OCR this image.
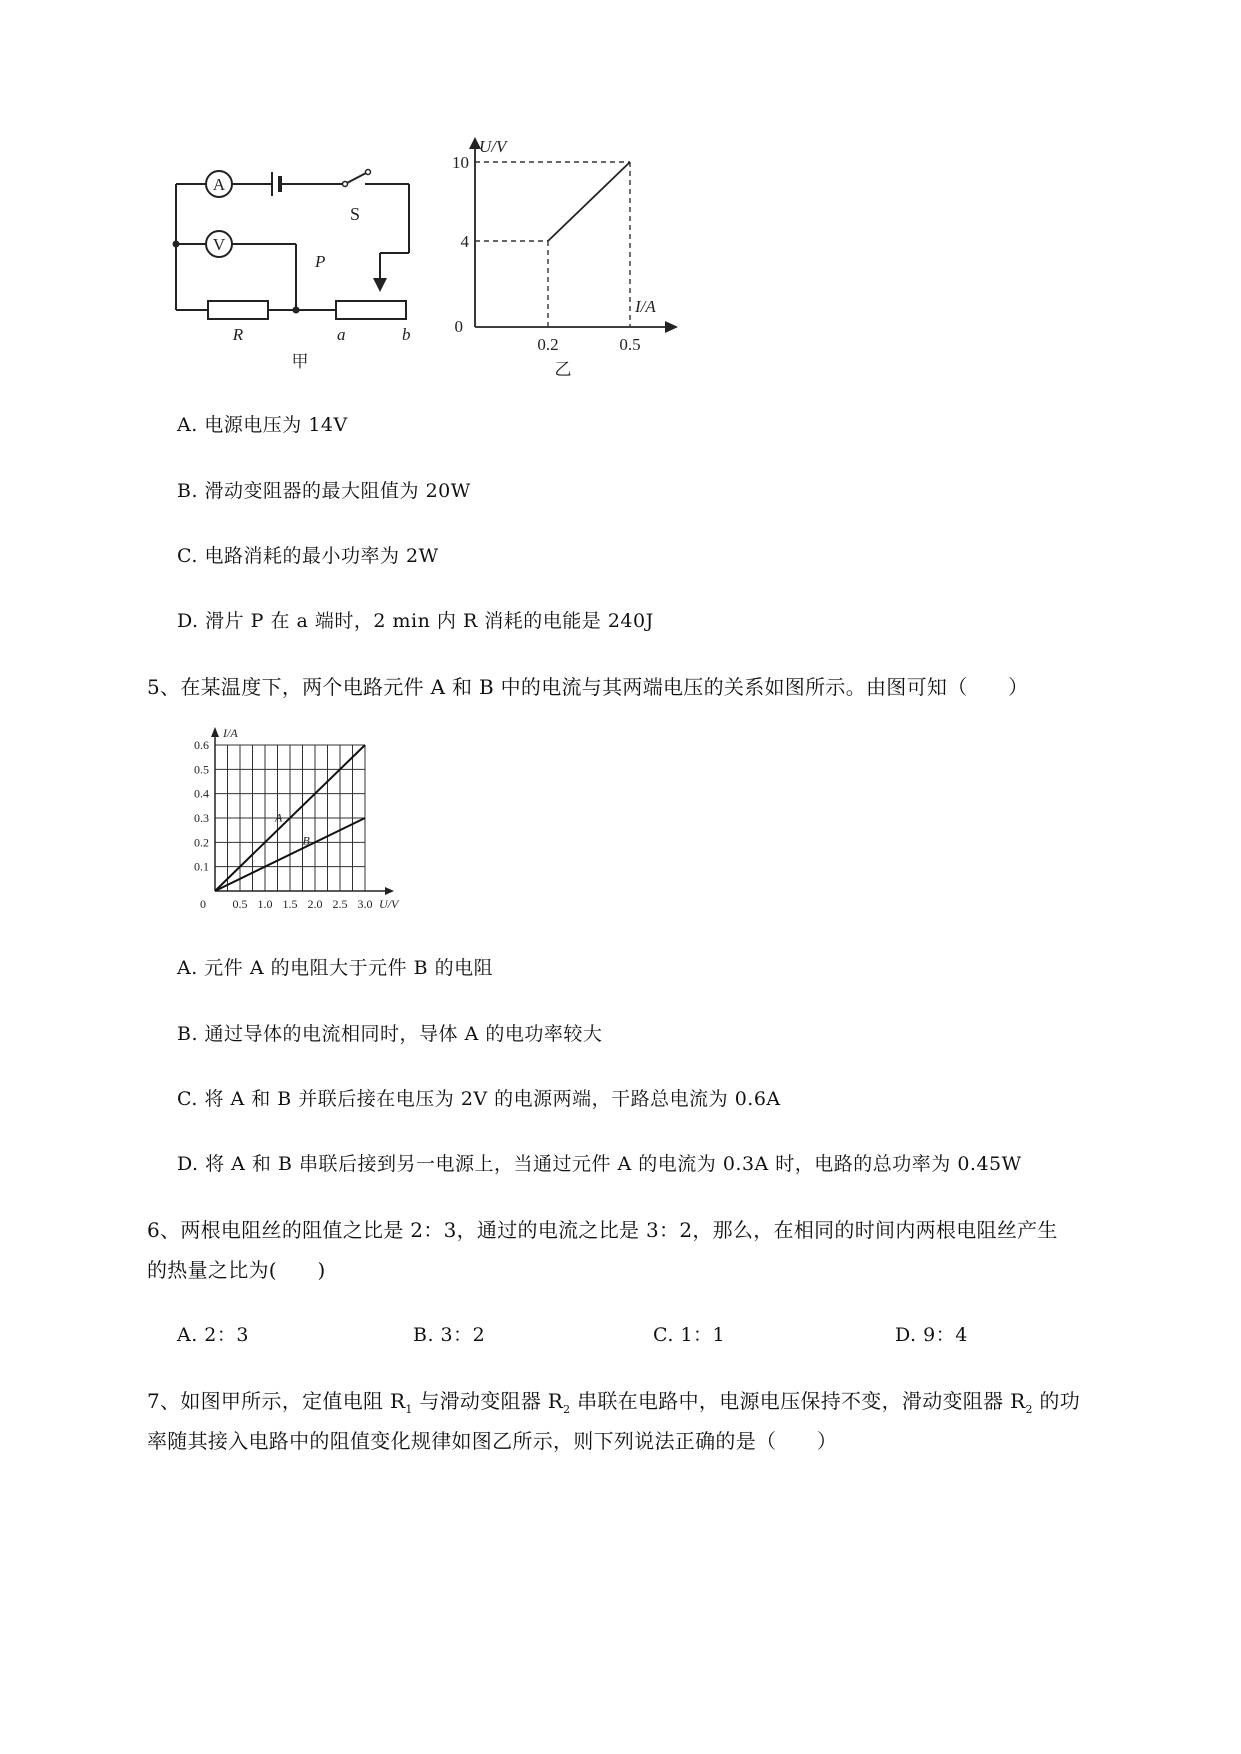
A
V
S
P
R	a	b
甲
U/V
I/A
10
4
0
0.2	0.5
乙
A. 电源电压为 14V
B. 滑动变阻器的最大阻值为 20W
C. 电路消耗的最小功率为 2W
D. 滑片 P 在 a 端时，2 min 内 R 消耗的电能是 240J
5、在某温度下，两个电路元件 A 和 B 中的电流与其两端电压的关系如图所示。由图可知（　　）
A
B
0.1
0.2
0.3
0.4
0.5
0.6
0.5 1.0 1.5 2.0 2.5 3.0
0
I/A
U/V
A. 元件 A 的电阻大于元件 B 的电阻
B. 通过导体的电流相同时，导体 A 的电功率较大
C. 将 A 和 B 并联后接在电压为 2V 的电源两端，干路总电流为 0.6A
D. 将 A 和 B 串联后接到另一电源上，当通过元件 A 的电流为 0.3A 时，电路的总功率为 0.45W
6、两根电阻丝的阻值之比是 2：3，通过的电流之比是 3：2，那么，在相同的时间内两根电阻丝产生
的热量之比为(　　)
A. 2：3	B. 3：2	C. 1：1	D. 9：4
7、如图甲所示，定值电阻 $R_1$ 与滑动变阻器 $R_2$ 串联在电路中，电源电压保持不变，滑动变阻器 $R_2$ 的功
率随其接入电路中的阻值变化规律如图乙所示，则下列说法正确的是（　　）
